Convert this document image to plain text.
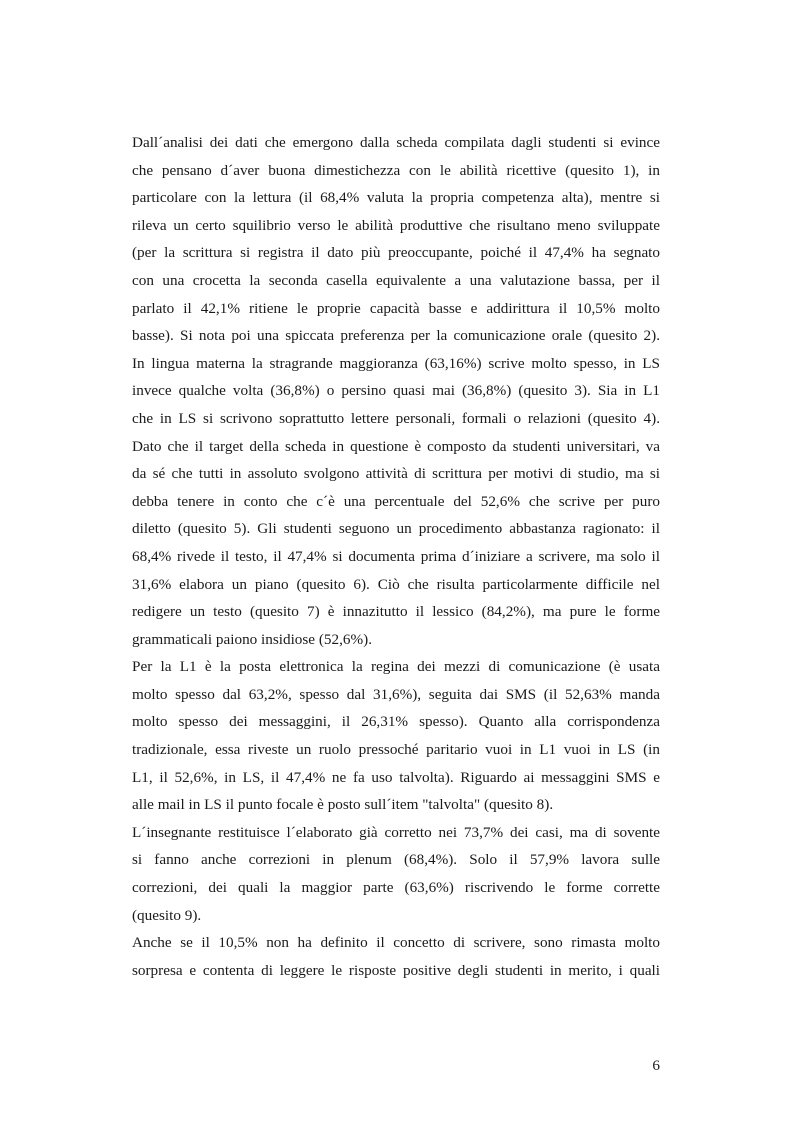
Dall´analisi dei dati che emergono dalla scheda compilata dagli studenti si evince

che pensano d´aver buona dimestichezza con le abilità ricettive (quesito 1), in

particolare con la lettura (il 68,4% valuta la propria competenza alta), mentre si

rileva un certo squilibrio verso le abilità produttive che risultano meno sviluppate

(per la scrittura si registra il dato più preoccupante, poiché il 47,4% ha segnato

con una crocetta la seconda casella equivalente a una valutazione bassa, per il

parlato il 42,1% ritiene le proprie capacità basse e addirittura il 10,5% molto

basse). Si nota poi una spiccata preferenza per la comunicazione orale (quesito 2).

In lingua materna la stragrande maggioranza (63,16%) scrive molto spesso, in LS

invece qualche volta (36,8%) o persino quasi mai (36,8%) (quesito 3). Sia in L1

che in LS si scrivono soprattutto lettere personali, formali o relazioni (quesito 4).

Dato che il target della scheda in questione è composto da studenti universitari, va

da sé che tutti in assoluto svolgono attività di scrittura per motivi di studio, ma si

debba tenere in conto che c´è una percentuale del 52,6% che scrive per puro

diletto (quesito 5). Gli studenti seguono un procedimento abbastanza ragionato: il

68,4% rivede il testo, il 47,4% si documenta prima d´iniziare a scrivere, ma solo il

31,6% elabora un piano (quesito 6). Ciò che risulta particolarmente difficile nel

redigere un testo (quesito 7) è innazitutto il lessico (84,2%), ma pure le forme

grammaticali paiono insidiose (52,6%).

Per la L1 è la posta elettronica la regina dei mezzi di comunicazione (è usata

molto spesso dal 63,2%, spesso dal 31,6%), seguita dai SMS (il 52,63% manda

molto spesso dei messaggini, il 26,31% spesso). Quanto alla corrispondenza

tradizionale, essa riveste un ruolo pressoché paritario vuoi in L1 vuoi in LS (in

L1, il 52,6%, in LS, il 47,4% ne fa uso talvolta). Riguardo ai messaggini SMS e

alle mail in LS il punto focale è posto sull´item "talvolta" (quesito 8).

L´insegnante restituisce l´elaborato già corretto nei 73,7% dei casi, ma di sovente

si fanno anche correzioni in plenum (68,4%). Solo il 57,9% lavora sulle

correzioni, dei quali la maggior parte (63,6%) riscrivendo le forme corrette

(quesito 9).

Anche se il 10,5% non ha definito il concetto di scrivere, sono rimasta molto

sorpresa e contenta di leggere le risposte positive degli studenti in merito, i quali

6
